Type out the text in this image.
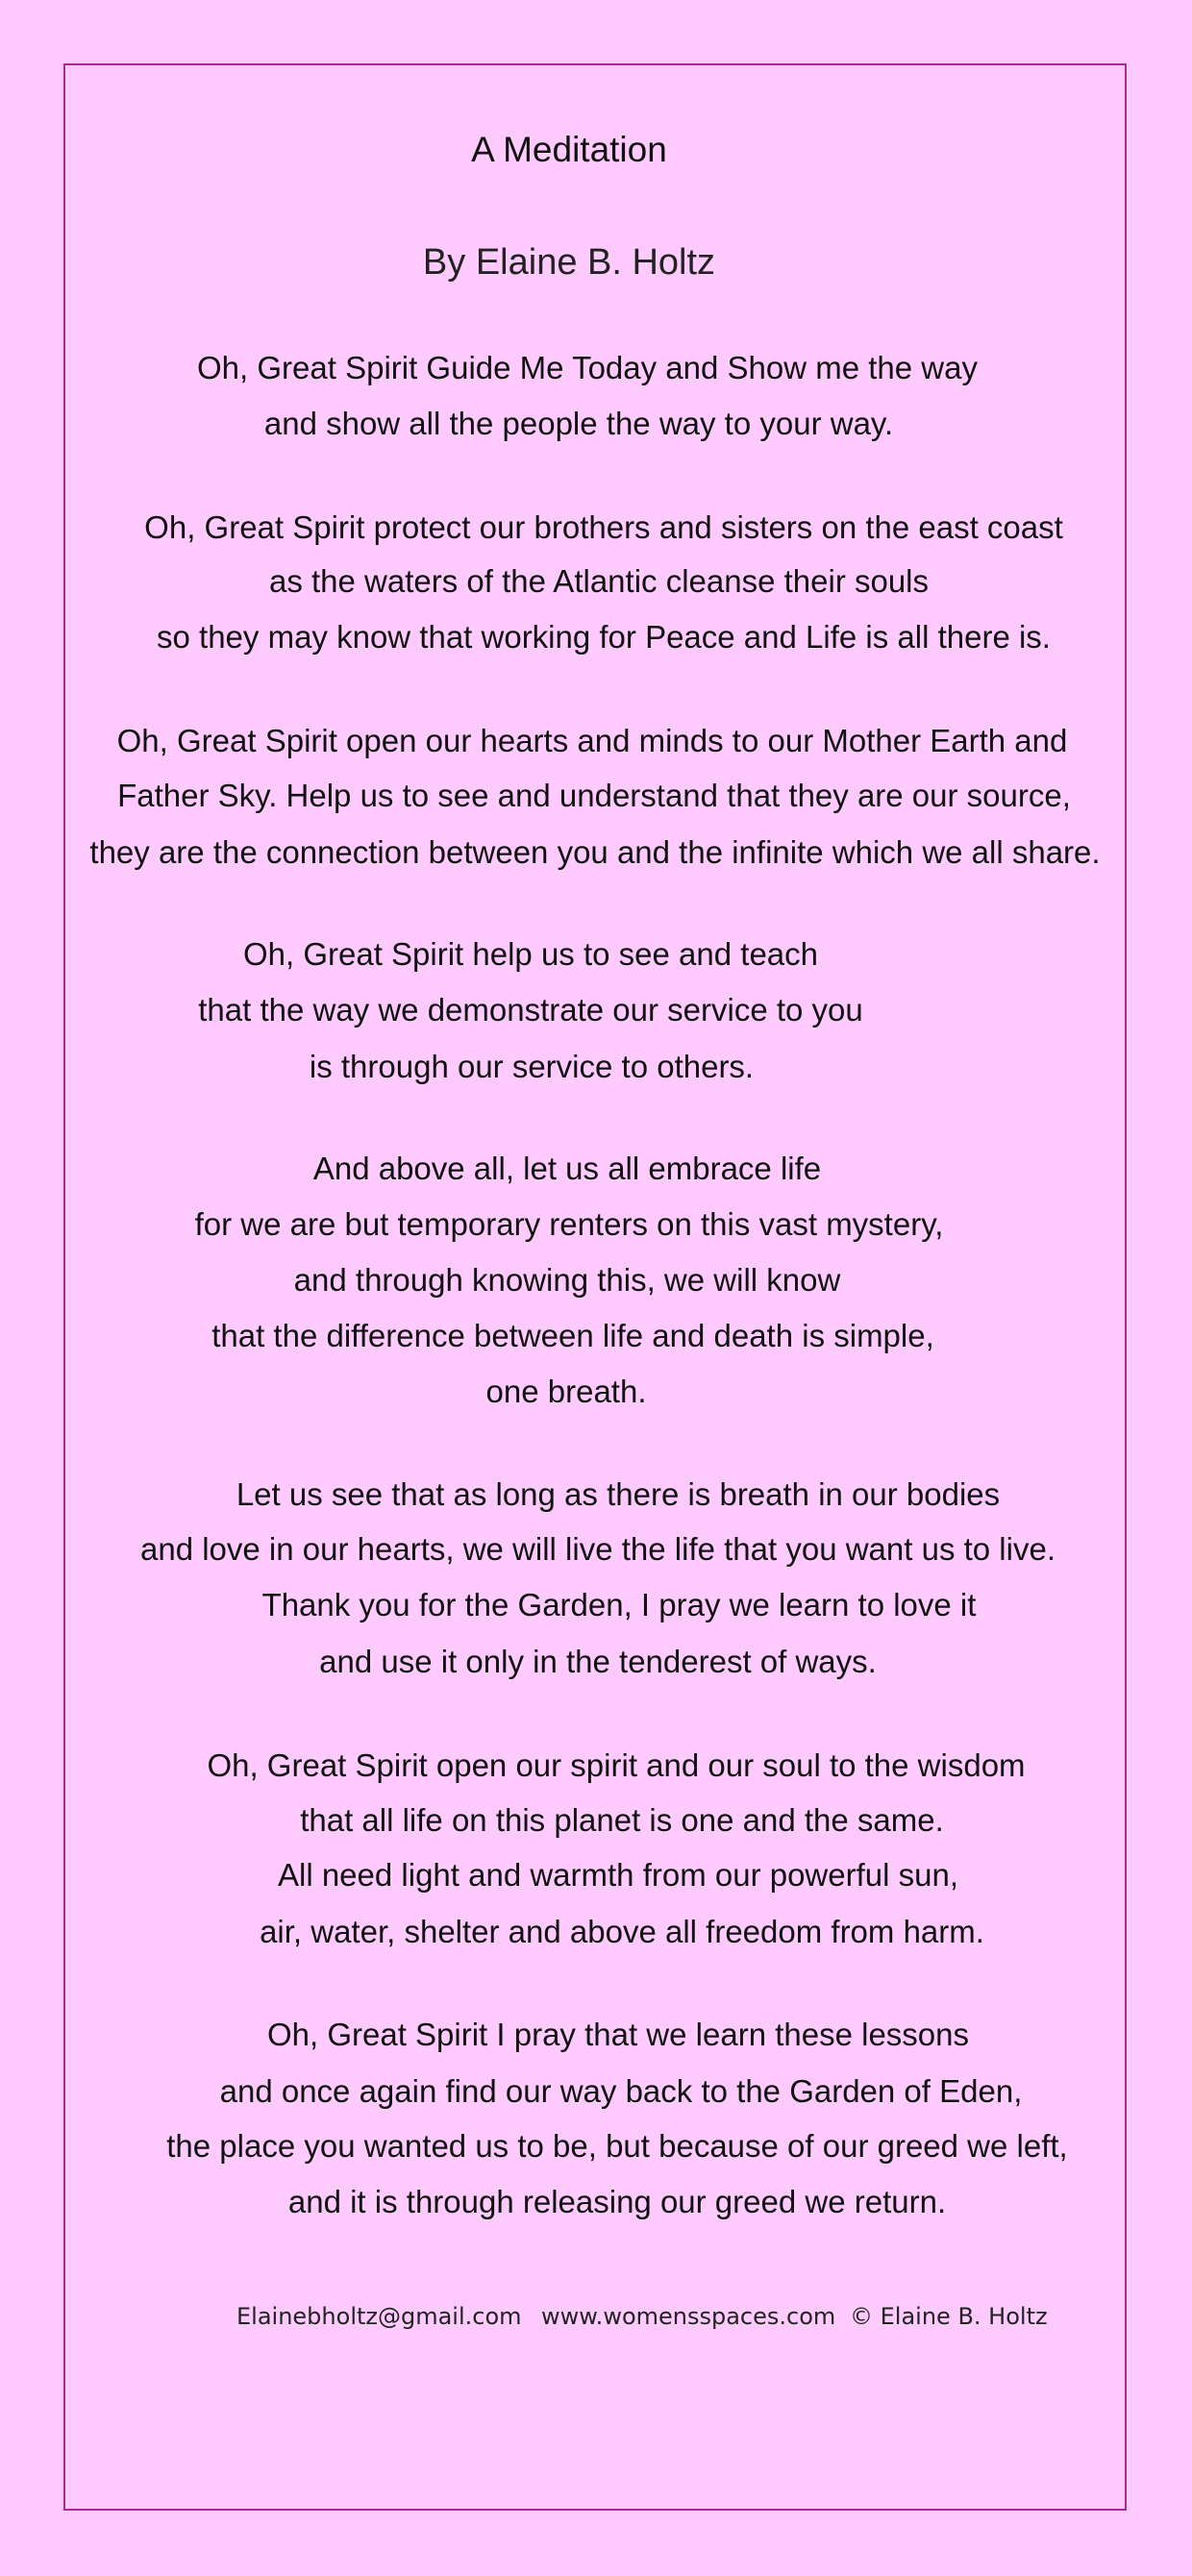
A Meditation
By Elaine B. Holtz
Oh, Great Spirit Guide Me Today and Show me the way
and show all the people the way to your way.
Oh, Great Spirit protect our brothers and sisters on the east coast
as the waters of the Atlantic cleanse their souls
so they may know that working for Peace and Life is all there is.
Oh, Great Spirit open our hearts and minds to our Mother Earth and
Father Sky. Help us to see and understand that they are our source,
they are the connection between you and the infinite which we all share.
Oh, Great Spirit help us to see and teach
that the way we demonstrate our service to you
is through our service to others.
And above all, let us all embrace life
for we are but temporary renters on this vast mystery,
and through knowing this, we will know
that the difference between life and death is simple,
one breath.
Let us see that as long as there is breath in our bodies
and love in our hearts, we will live the life that you want us to live.
Thank you for the Garden, I pray we learn to love it
and use it only in the tenderest of ways.
Oh, Great Spirit open our spirit and our soul to the wisdom
that all life on this planet is one and the same.
All need light and warmth from our powerful sun,
air, water, shelter and above all freedom from harm.
Oh, Great Spirit I pray that we learn these lessons
and once again find our way back to the Garden of Eden,
the place you wanted us to be, but because of our greed we left,
and it is through releasing our greed we return.
Elainebholtz@gmail.com www.womensspaces.com © Elaine B. Holtz
